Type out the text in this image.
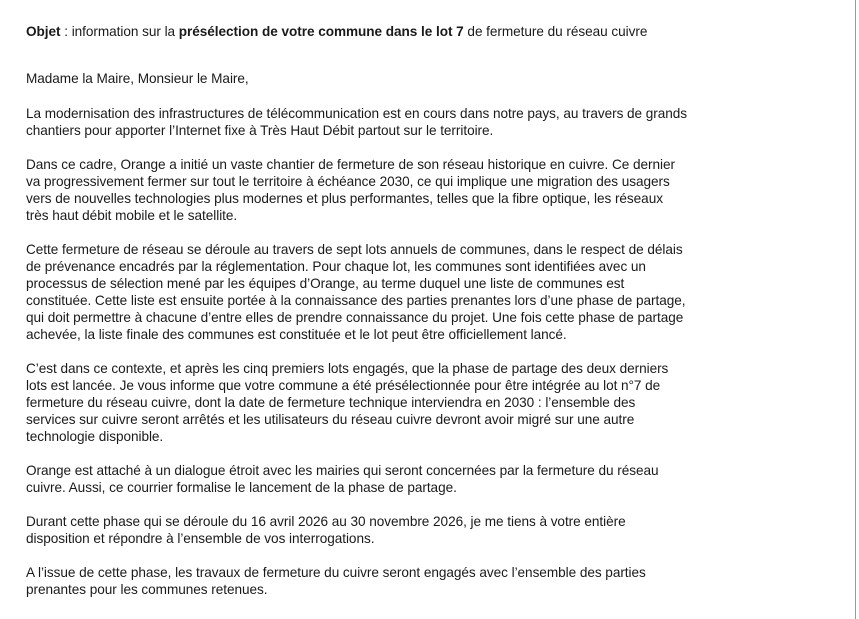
Objet : information sur la présélection de votre commune dans le lot 7 de fermeture du réseau cuivre

Madame la Maire, Monsieur le Maire,

La modernisation des infrastructures de télécommunication est en cours dans notre pays, au travers de grands
chantiers pour apporter l’Internet fixe à Très Haut Débit partout sur le territoire.

Dans ce cadre, Orange a initié un vaste chantier de fermeture de son réseau historique en cuivre. Ce dernier
va progressivement fermer sur tout le territoire à échéance 2030, ce qui implique une migration des usagers
vers de nouvelles technologies plus modernes et plus performantes, telles que la fibre optique, les réseaux
très haut débit mobile et le satellite.

Cette fermeture de réseau se déroule au travers de sept lots annuels de communes, dans le respect de délais
de prévenance encadrés par la réglementation. Pour chaque lot, les communes sont identifiées avec un
processus de sélection mené par les équipes d’Orange, au terme duquel une liste de communes est
constituée. Cette liste est ensuite portée à la connaissance des parties prenantes lors d’une phase de partage,
qui doit permettre à chacune d’entre elles de prendre connaissance du projet. Une fois cette phase de partage
achevée, la liste finale des communes est constituée et le lot peut être officiellement lancé.

C’est dans ce contexte, et après les cinq premiers lots engagés, que la phase de partage des deux derniers
lots est lancée. Je vous informe que votre commune a été présélectionnée pour être intégrée au lot n°7 de
fermeture du réseau cuivre, dont la date de fermeture technique interviendra en 2030 : l’ensemble des
services sur cuivre seront arrêtés et les utilisateurs du réseau cuivre devront avoir migré sur une autre
technologie disponible.

Orange est attaché à un dialogue étroit avec les mairies qui seront concernées par la fermeture du réseau
cuivre. Aussi, ce courrier formalise le lancement de la phase de partage.

Durant cette phase qui se déroule du 16 avril 2026 au 30 novembre 2026, je me tiens à votre entière
disposition et répondre à l’ensemble de vos interrogations.

A l’issue de cette phase, les travaux de fermeture du cuivre seront engagés avec l’ensemble des parties
prenantes pour les communes retenues.
